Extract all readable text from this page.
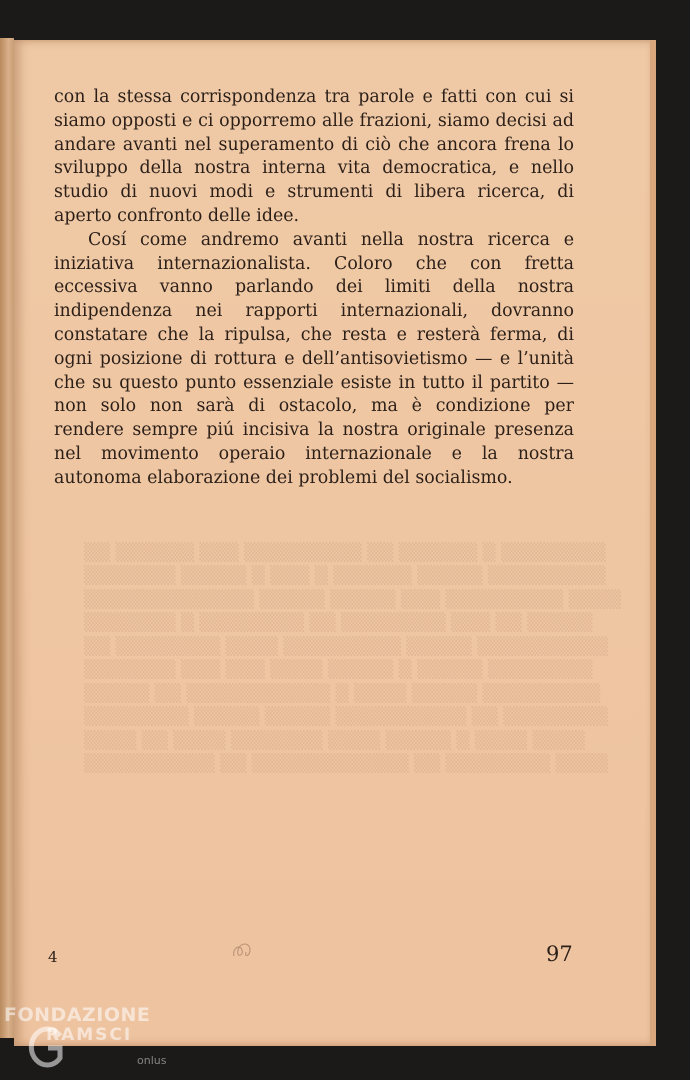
▒▒ ▒▒▒▒▒▒ ▒▒▒ ▒▒▒▒▒▒▒▒▒ ▒▒ ▒▒▒▒▒▒ ▒ ▒▒▒▒▒▒▒▒
▒▒▒▒▒▒▒ ▒▒▒▒▒ ▒ ▒▒▒ ▒ ▒▒▒▒▒▒ ▒▒▒▒▒ ▒▒▒▒▒▒▒▒▒
▒▒▒▒▒▒▒▒▒▒▒▒▒ ▒▒▒▒▒ ▒▒▒▒▒ ▒▒▒ ▒▒▒▒▒▒▒▒▒ ▒▒▒▒
▒▒▒▒▒▒▒ ▒ ▒▒▒▒▒▒▒▒ ▒▒ ▒▒▒▒▒▒▒▒ ▒▒▒ ▒▒ ▒▒▒▒▒
▒▒ ▒▒▒▒▒▒▒▒ ▒▒▒▒ ▒▒▒▒▒▒▒▒▒ ▒▒▒▒▒ ▒▒▒▒▒▒▒▒▒▒
▒▒▒▒▒▒▒ ▒▒▒ ▒▒▒ ▒▒▒▒ ▒▒▒▒▒ ▒ ▒▒▒▒▒ ▒▒▒▒▒▒▒▒
▒▒▒▒▒ ▒▒ ▒▒▒▒▒▒▒▒▒▒▒ ▒ ▒▒▒▒ ▒▒▒▒▒ ▒▒▒▒▒▒▒▒▒
▒▒▒▒▒▒▒▒ ▒▒▒▒▒ ▒▒▒▒▒ ▒▒▒▒▒▒▒▒▒▒ ▒▒ ▒▒▒▒▒▒▒▒
▒▒▒▒ ▒▒ ▒▒▒▒ ▒▒▒▒▒▒▒ ▒▒▒▒ ▒▒▒▒▒ ▒ ▒▒▒▒ ▒▒▒▒
▒▒▒▒▒▒▒▒▒▒ ▒▒ ▒▒▒▒▒▒▒▒▒▒▒▒ ▒▒ ▒▒▒▒▒▒▒▒ ▒▒▒▒

con la stessa corrispondenza tra parole e fatti con cui si siamo opposti e ci opporremo alle frazioni, siamo decisi ad andare avanti nel superamento di ciò che ancora frena lo sviluppo della nostra interna vita democratica, e nello studio di nuovi modi e strumenti di libera ricerca, di aperto confronto delle idee.

Cosí come andremo avanti nella nostra ricerca e iniziativa internazionalista. Coloro che con fretta eccessiva vanno parlando dei limiti della nostra indipendenza nei rapporti internazionali, dovranno constatare che la ripulsa, che resta e resterà ferma, di ogni posizione di rottura e dell’antisovietismo — e l’unità che su questo punto essenziale esiste in tutto il partito — non solo non sarà di ostacolo, ma è condizione per rendere sempre piú incisiva la nostra originale presenza nel movimento operaio internazionale e la nostra autonoma elaborazione dei problemi del socialismo.

4	97
FONDAZIONE
RAMSCI
onlus
